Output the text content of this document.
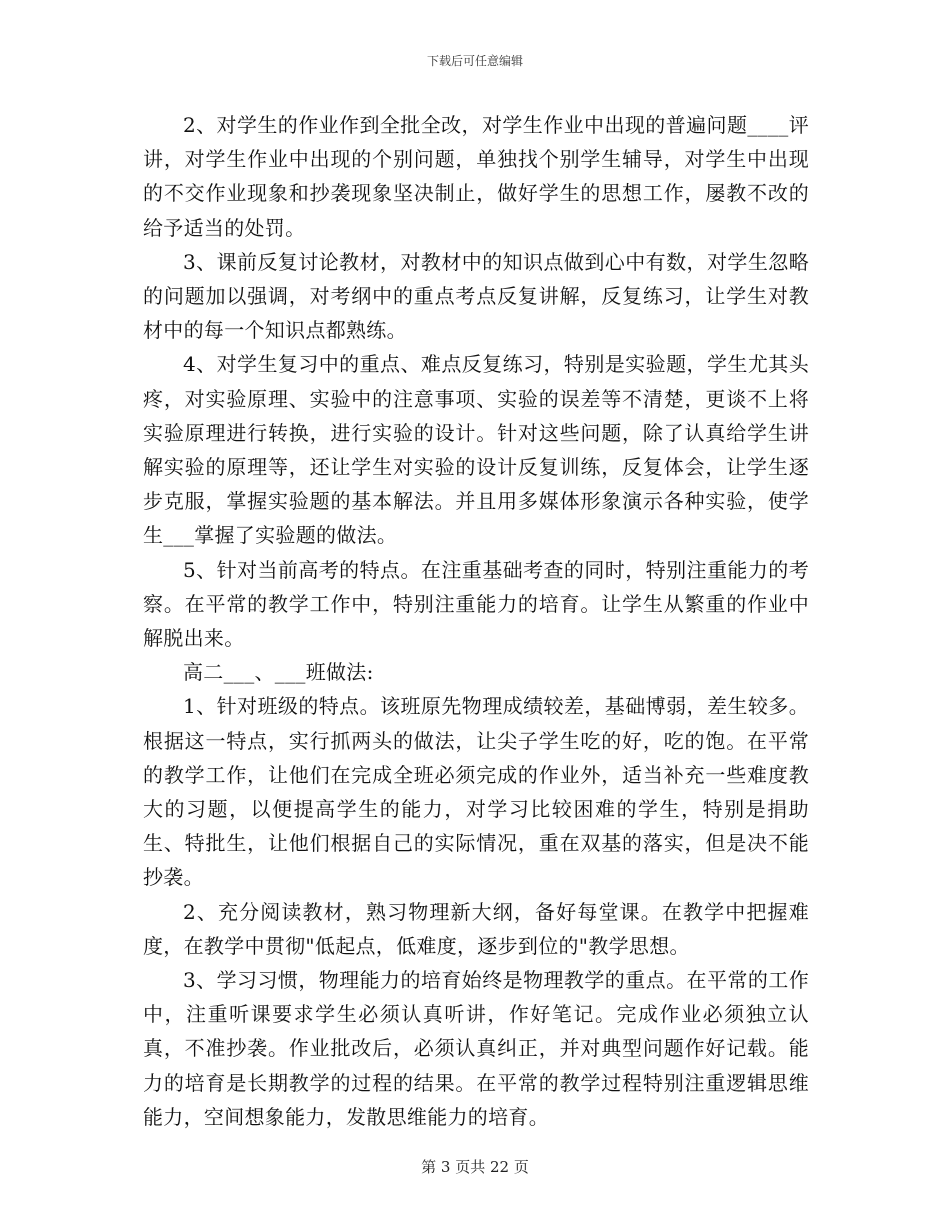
下载后可任意编辑

2、对学生的作业作到全批全改，对学生作业中出现的普遍问题____评讲，对学生作业中出现的个别问题，单独找个别学生辅导，对学生中出现的不交作业现象和抄袭现象坚决制止，做好学生的思想工作，屡教不改的给予适当的处罚。

3、课前反复讨论教材，对教材中的知识点做到心中有数，对学生忽略的问题加以强调，对考纲中的重点考点反复讲解，反复练习，让学生对教材中的每一个知识点都熟练。

4、对学生复习中的重点、难点反复练习，特别是实验题，学生尤其头疼，对实验原理、实验中的注意事项、实验的误差等不清楚，更谈不上将实验原理进行转换，进行实验的设计。针对这些问题，除了认真给学生讲解实验的原理等，还让学生对实验的设计反复训练，反复体会，让学生逐步克服，掌握实验题的基本解法。并且用多媒体形象演示各种实验，使学生___掌握了实验题的做法。

5、针对当前高考的特点。在注重基础考查的同时，特别注重能力的考察。在平常的教学工作中，特别注重能力的培育。让学生从繁重的作业中解脱出来。

高二___、___班做法:

1、针对班级的特点。该班原先物理成绩较差，基础博弱，差生较多。根据这一特点，实行抓两头的做法，让尖子学生吃的好，吃的饱。在平常的教学工作，让他们在完成全班必须完成的作业外，适当补充一些难度教大的习题，以便提高学生的能力，对学习比较困难的学生，特别是捐助生、特批生，让他们根据自己的实际情况，重在双基的落实，但是决不能抄袭。

2、充分阅读教材，熟习物理新大纲，备好每堂课。在教学中把握难度，在教学中贯彻"低起点，低难度，逐步到位的"教学思想。

3、学习习惯，物理能力的培育始终是物理教学的重点。在平常的工作中，注重听课要求学生必须认真听讲，作好笔记。完成作业必须独立认真，不准抄袭。作业批改后，必须认真纠正，并对典型问题作好记载。能力的培育是长期教学的过程的结果。在平常的教学过程特别注重逻辑思维能力，空间想象能力，发散思维能力的培育。

第 3 页共 22 页
